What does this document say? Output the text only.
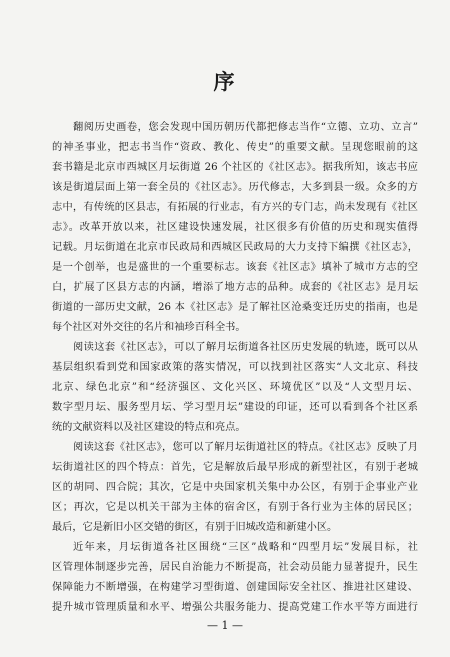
序
翻阅历史画卷，您会发现中国历朝历代都把修志当作“立德、立功、立言”
的神圣事业，把志书当作“资政、教化、传史”的重要文献。呈现您眼前的这
套书籍是北京市西城区月坛街道 26 个社区的《社区志》。据我所知，该志书应
该是街道层面上第一套全员的《社区志》。历代修志，大多到县一级。众多的方
志中，有传统的区县志，有拓展的行业志，有方兴的专门志，尚未发现有《社区
志》。改革开放以来，社区建设快速发展，社区很多有价值的历史和现实值得
记载。月坛街道在北京市民政局和西城区民政局的大力支持下编撰《社区志》，
是一个创举，也是盛世的一个重要标志。该套《社区志》填补了城市方志的空
白，扩展了区县方志的内涵，增添了地方志的品种。成套的《社区志》是月坛
街道的一部历史文献，26 本《社区志》是了解社区沧桑变迁历史的指南，也是
每个社区对外交往的名片和袖珍百科全书。
阅读这套《社区志》，可以了解月坛街道各社区历史发展的轨迹，既可以从
基层组织看到党和国家政策的落实情况，可以找到社区落实“人文北京、科技
北京、绿色北京”和“经济强区、文化兴区、环境优区”以及“人文型月坛、
数字型月坛、服务型月坛、学习型月坛”建设的印证，还可以看到各个社区系
统的文献资料以及社区建设的特点和亮点。
阅读这套《社区志》，您可以了解月坛街道社区的特点。《社区志》反映了月
坛街道社区的四个特点：首先，它是解放后最早形成的新型社区，有别于老城
区的胡同、四合院；其次，它是中央国家机关集中办公区，有别于企事业产业
区；再次，它是以机关干部为主体的宿舍区，有别于各行业为主体的居民区；
最后，它是新旧小区交错的街区，有别于旧城改造和新建小区。
近年来，月坛街道各社区围绕“三区”战略和“四型月坛”发展目标，社
区管理体制逐步完善，居民自治能力不断提高，社会动员能力显著提升，民生
保障能力不断增强，在构建学习型街道、创建国际安全社区、推进社区建设、
提升城市管理质量和水平、增强公共服务能力、提高党建工作水平等方面进行
— 1 —
